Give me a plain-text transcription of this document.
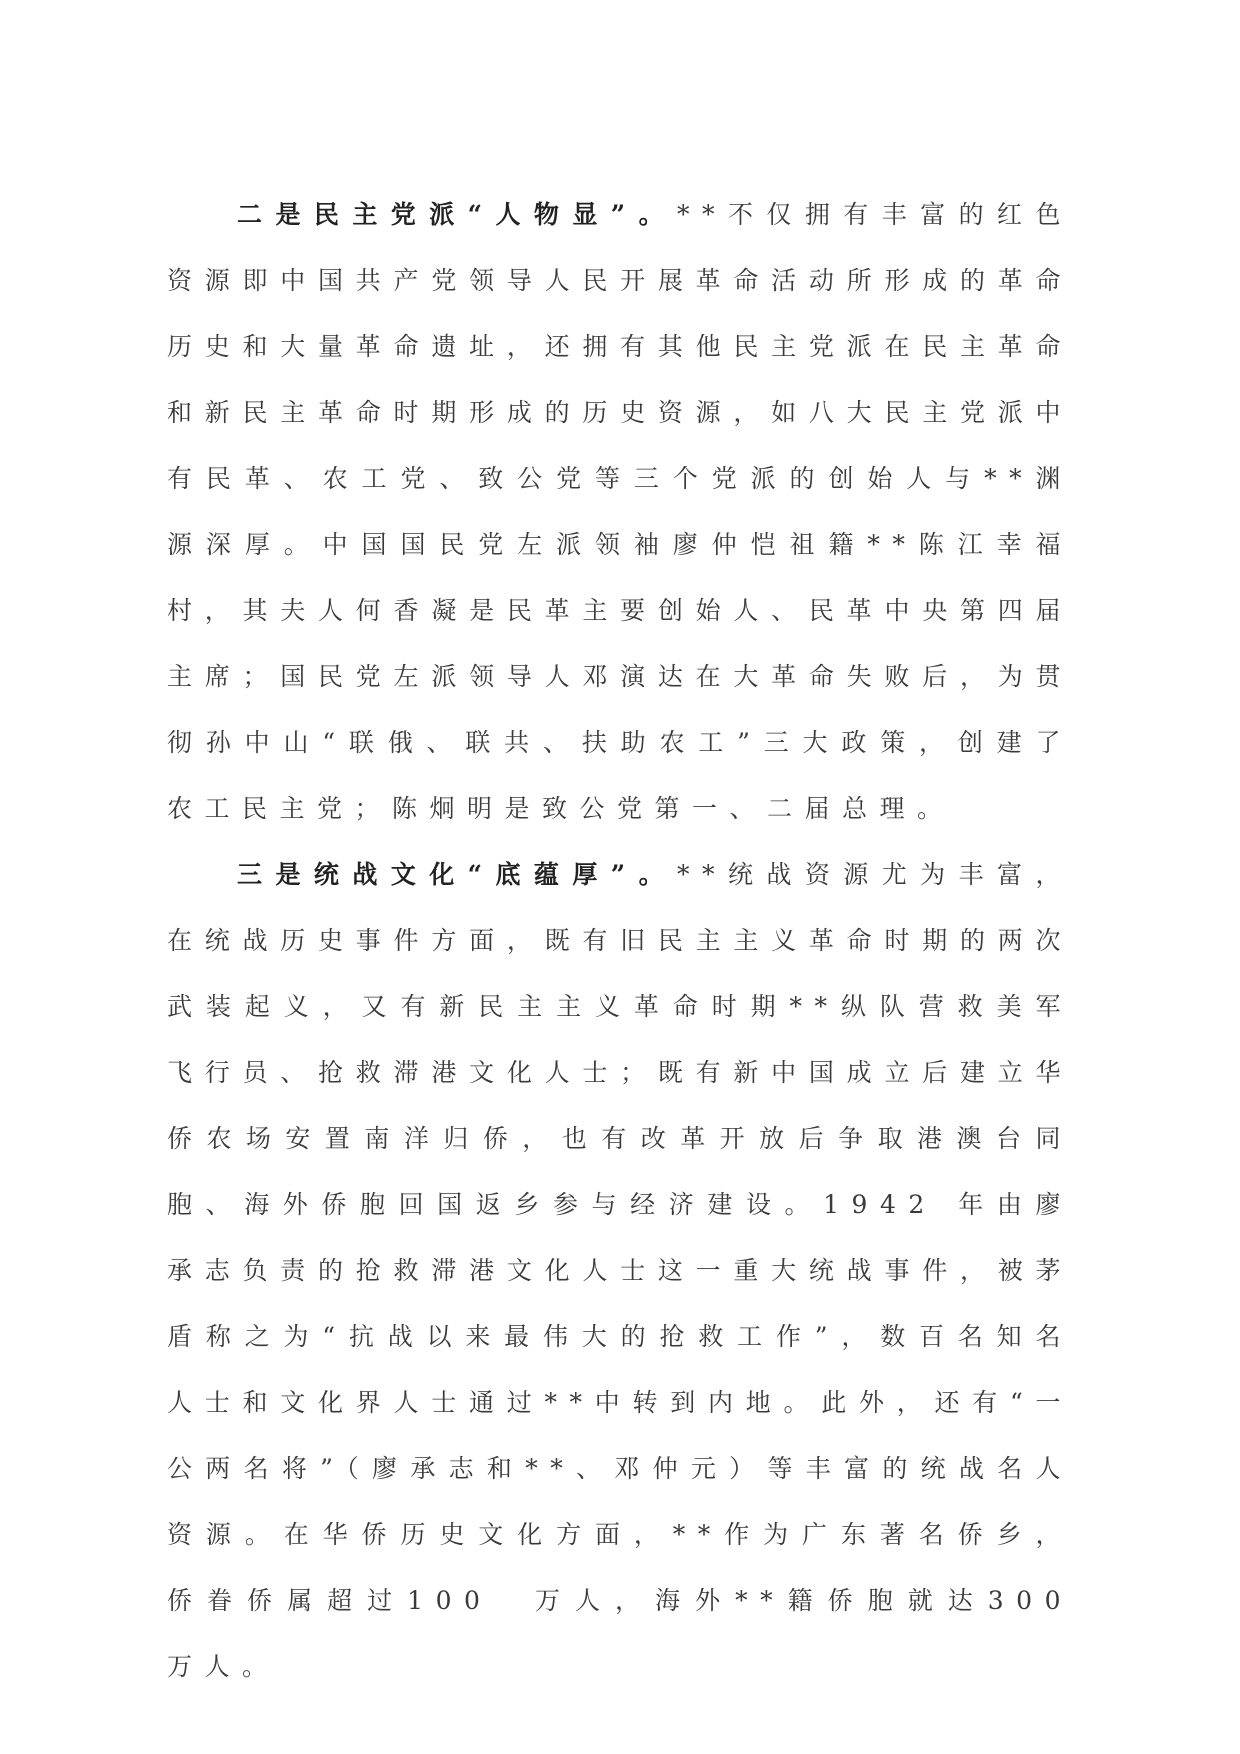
二是民主党派“人物显”。**不仅拥有丰富的红色资源即中国共产党领导人民开展革命活动所形成的革命历史和大量革命遗址，还拥有其他民主党派在民主革命和新民主革命时期形成的历史资源，如八大民主党派中有民革、农工党、致公党等三个党派的创始人与**渊源深厚。中国国民党左派领袖廖仲恺祖籍**陈江幸福村，其夫人何香凝是民革主要创始人、民革中央第四届主席；国民党左派领导人邓演达在大革命失败后，为贯彻孙中山“联俄、联共、扶助农工”三大政策，创建了农工民主党；陈炯明是致公党第一、二届总理。

三是统战文化“底蕴厚”。**统战资源尤为丰富，在统战历史事件方面，既有旧民主主义革命时期的两次武装起义，又有新民主主义革命时期**纵队营救美军飞行员、抢救滞港文化人士；既有新中国成立后建立华侨农场安置南洋归侨，也有改革开放后争取港澳台同胞、海外侨胞回国返乡参与经济建设。1942 年由廖承志负责的抢救滞港文化人士这一重大统战事件，被茅盾称之为“抗战以来最伟大的抢救工作”，数百名知名人士和文化界人士通过**中转到内地。此外，还有“一公两名将”（廖承志和**、邓仲元）等丰富的统战名人资源。在华侨历史文化方面，**作为广东著名侨乡，侨眷侨属超过100　万人，海外**籍侨胞就达300　万人。
